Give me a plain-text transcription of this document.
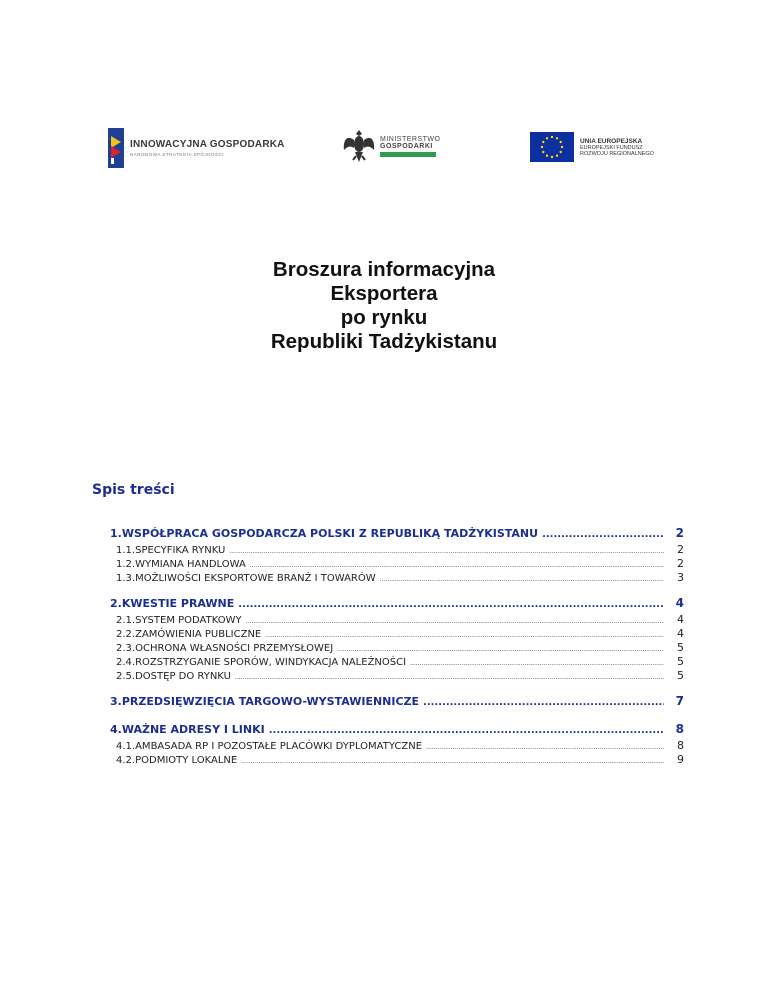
INNOWACYJNA GOSPODARKA
NARODOWA STRATEGIA SPÓJNOŚCI
MINISTERSTWO
GOSPODARKI
UNIA EUROPEJSKA
EUROPEJSKI FUNDUSZ
ROZWOJU REGIONALNEGO
Broszura informacyjna
Eksportera
po rynku
Republiki Tadżykistanu
Spis treści
1. WSPÓŁPRACA GOSPODARCZA POLSKI Z REPUBLIKĄ TADŻYKISTANU .....	2
1.1. SPECYFIKA RYNKU .....	2
1.2. WYMIANA HANDLOWA .....	2
1.3. MOŻLIWOŚCI EKSPORTOWE BRANŻ I TOWARÓW .....	3
2. KWESTIE PRAWNE .....	4
2.1. SYSTEM PODATKOWY .....	4
2.2. ZAMÓWIENIA PUBLICZNE .....	4
2.3. OCHRONA WŁASNOŚCI PRZEMYSŁOWEJ .....	5
2.4. ROZSTRZYGANIE SPORÓW, WINDYKACJA NALEŻNOŚCI .....	5
2.5. DOSTĘP DO RYNKU .....	5
3. PRZEDSIĘWZIĘCIA TARGOWO-WYSTAWIENNICZE .....	7
4. WAŻNE ADRESY I LINKI .....	8
4.1. AMBASADA RP I POZOSTAŁE PLACÓWKI DYPLOMATYCZNE .....	8
4.2. PODMIOTY LOKALNE .....	9
